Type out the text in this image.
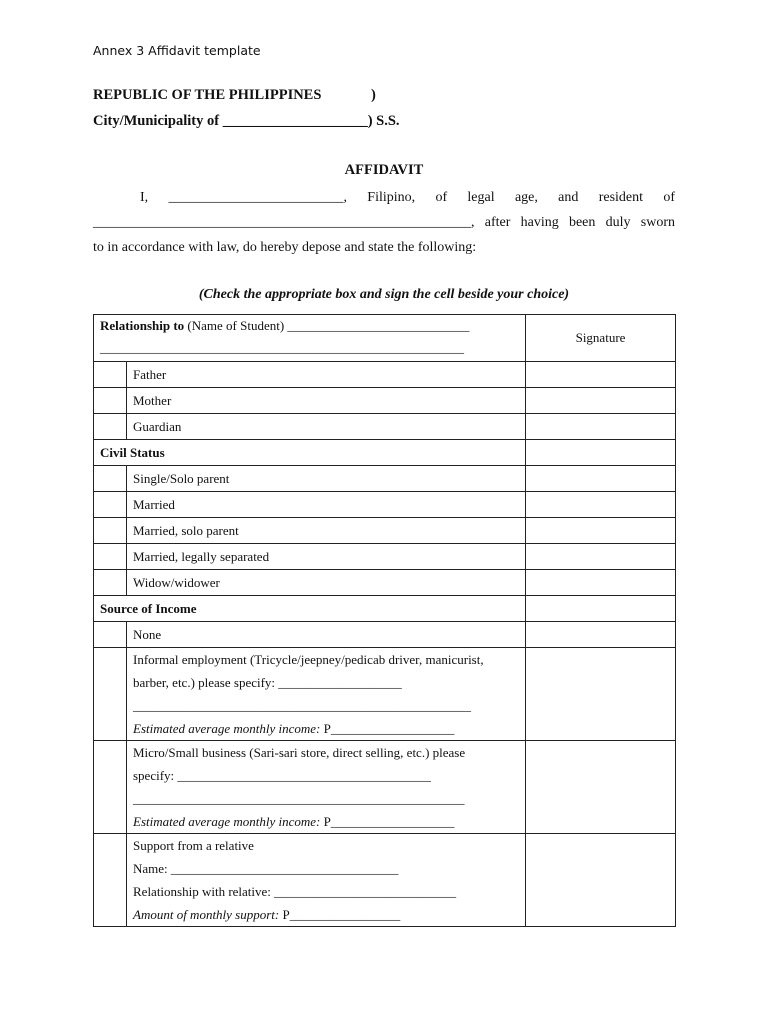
Annex 3 Affidavit template
REPUBLIC OF THE PHILIPPINES	)
City/Municipality of ____________________) S.S.
AFFIDAVIT
I, _________________________, Filipino, of legal age, and resident of
______________________________________________________, after having been duly sworn
to in accordance with law, do hereby depose and state the following:
(Check the appropriate box and sign the cell beside your choice)
Relationship to (Name of Student) ____________________________
________________________________________________________		Signature
	Father	
	Mother	
	Guardian	
Civil Status		
	Single/Solo parent	
	Married	
	Married, solo parent	
	Married, legally separated	
	Widow/widower	
Source of Income		
	None	

	Informal employment (Tricycle/jeepney/pedicab driver, manicurist,
barber, etc.) please specify: ___________________
____________________________________________________
Estimated average monthly income: P___________________	

	Micro/Small business (Sari-sari store, direct selling, etc.) please
specify: _______________________________________
___________________________________________________
Estimated average monthly income: P___________________	

	Support from a relative
Name: ___________________________________
Relationship with relative: ____________________________
Amount of monthly support: P_________________	
